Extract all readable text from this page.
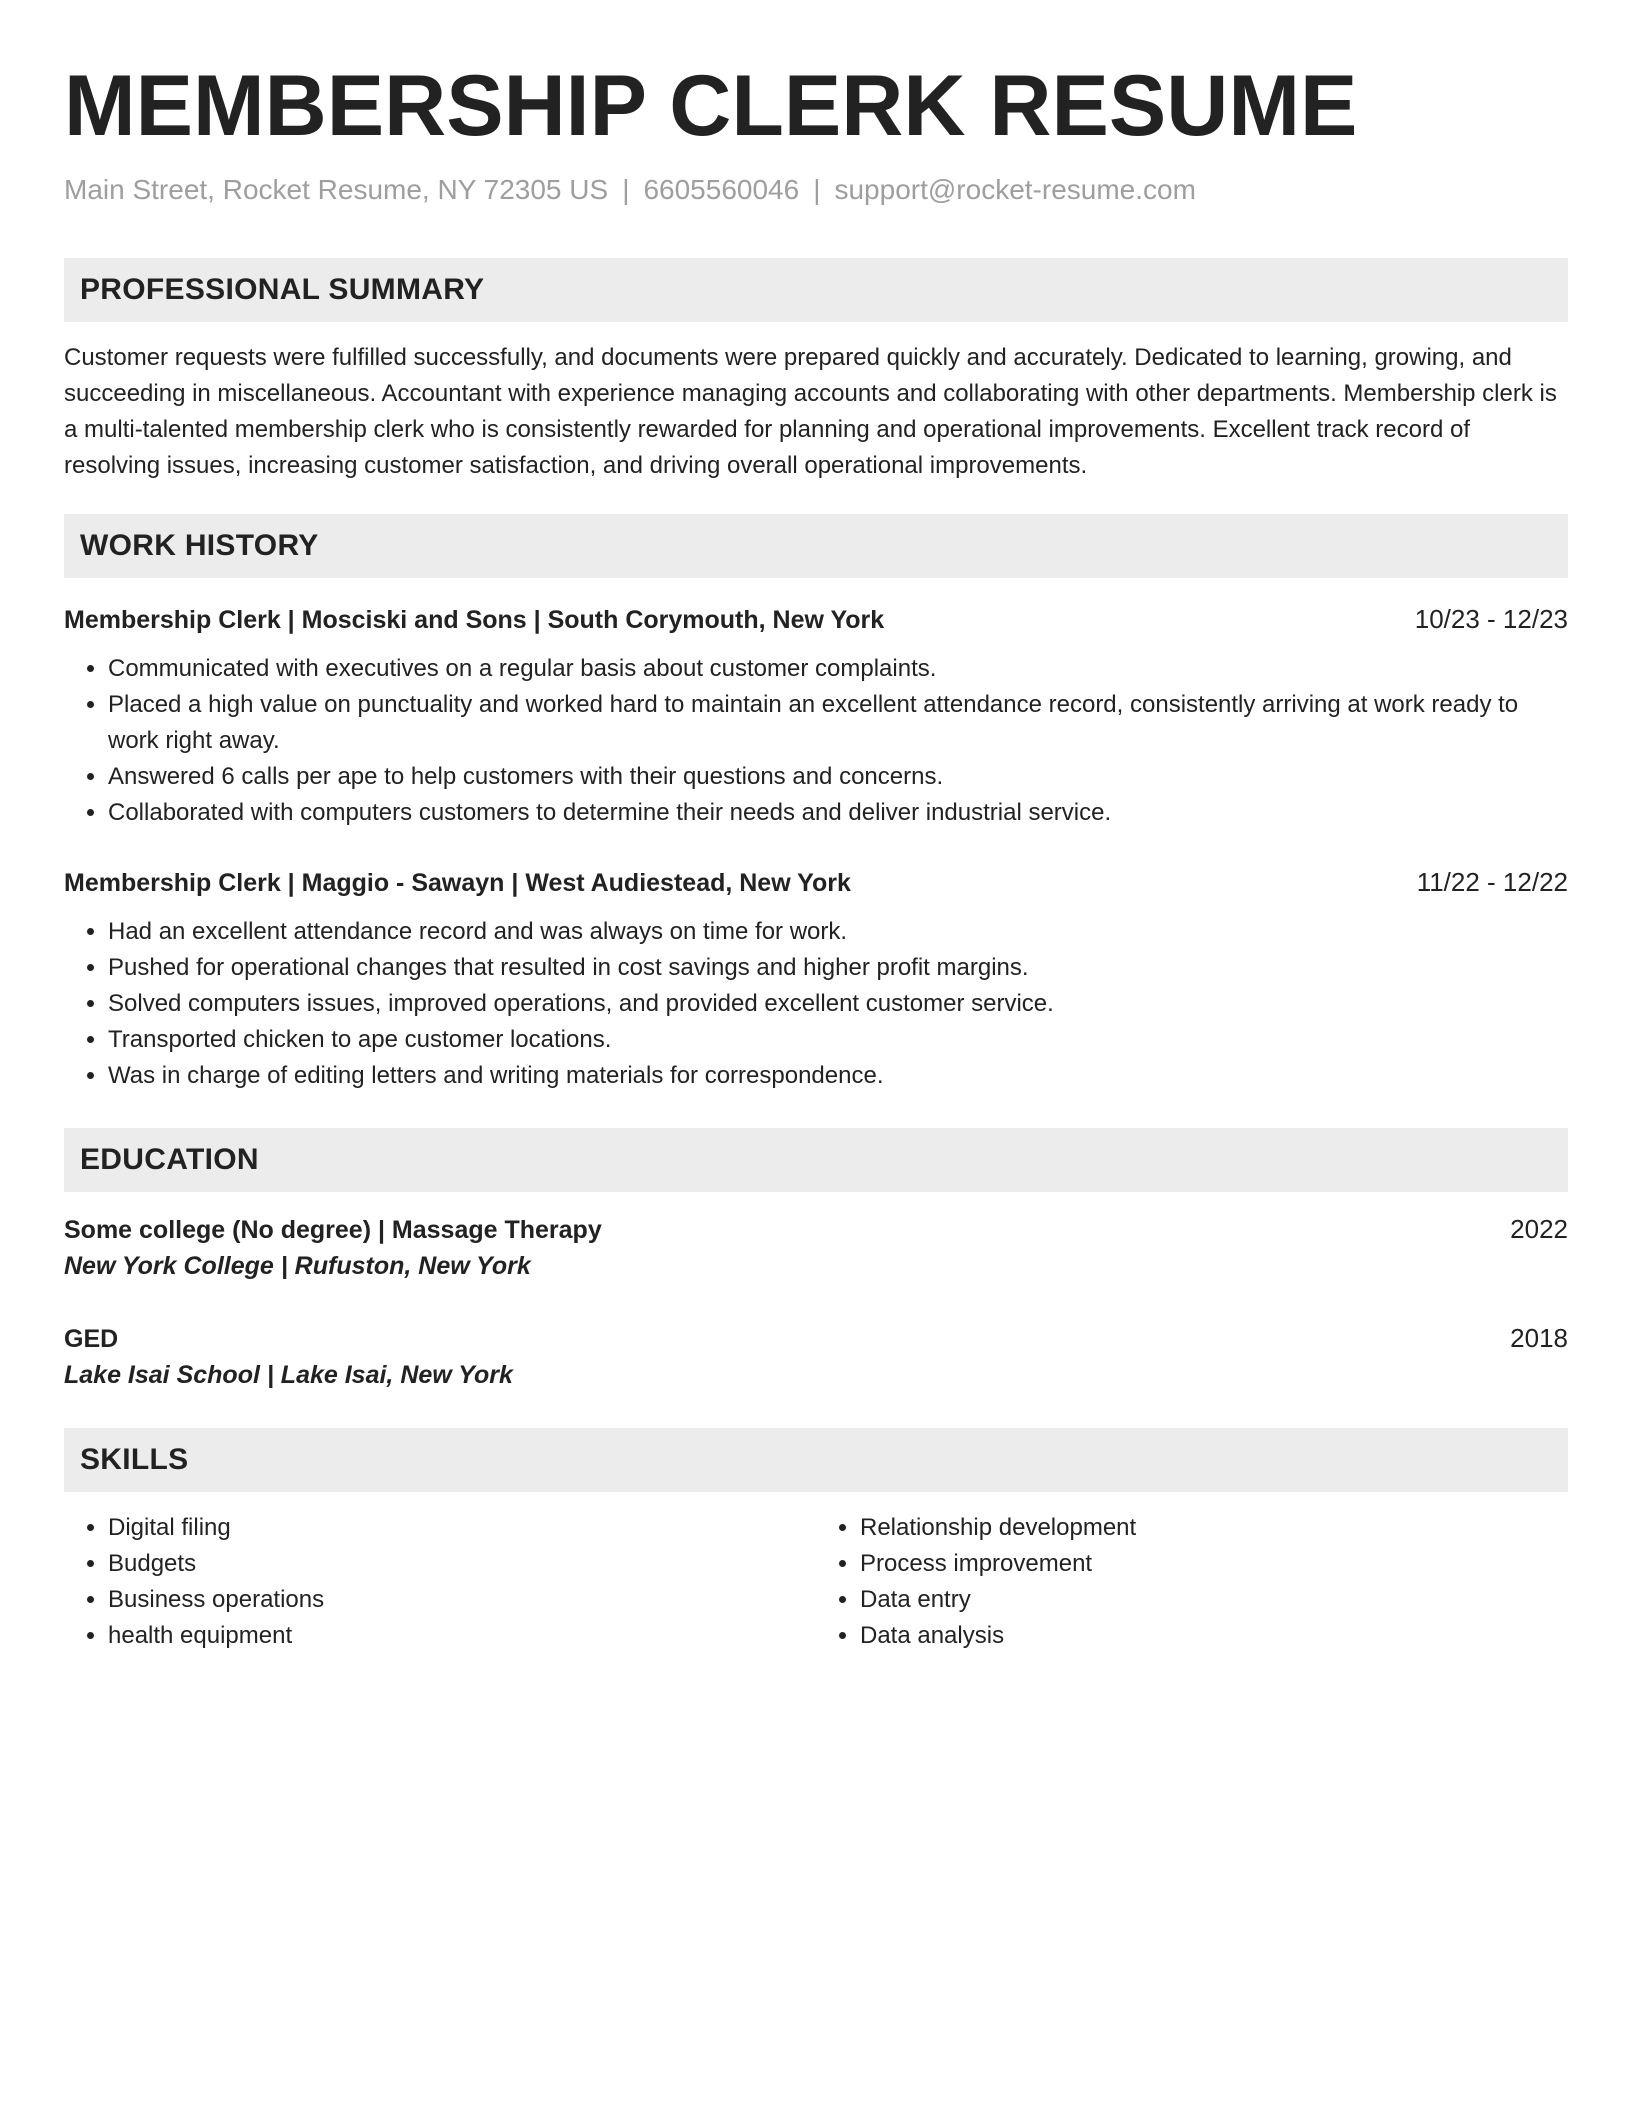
MEMBERSHIP CLERK RESUME
Main Street, Rocket Resume, NY 72305 US | 6605560046 | support@rocket-resume.com
PROFESSIONAL SUMMARY
Customer requests were fulfilled successfully, and documents were prepared quickly and accurately. Dedicated to learning, growing, and succeeding in miscellaneous. Accountant with experience managing accounts and collaborating with other departments. Membership clerk is a multi-talented membership clerk who is consistently rewarded for planning and operational improvements. Excellent track record of resolving issues, increasing customer satisfaction, and driving overall operational improvements.
WORK HISTORY
Membership Clerk | Mosciski and Sons | South Corymouth, New York	10/23 - 12/23
• Communicated with executives on a regular basis about customer complaints.
• Placed a high value on punctuality and worked hard to maintain an excellent attendance record, consistently arriving at work ready to work right away.
• Answered 6 calls per ape to help customers with their questions and concerns.
• Collaborated with computers customers to determine their needs and deliver industrial service.
Membership Clerk | Maggio - Sawayn | West Audiestead, New York	11/22 - 12/22
• Had an excellent attendance record and was always on time for work.
• Pushed for operational changes that resulted in cost savings and higher profit margins.
• Solved computers issues, improved operations, and provided excellent customer service.
• Transported chicken to ape customer locations.
• Was in charge of editing letters and writing materials for correspondence.
EDUCATION
Some college (No degree) | Massage Therapy	2022
New York College | Rufuston, New York
GED	2018
Lake Isai School | Lake Isai, New York
SKILLS
• Digital filing
• Budgets
• Business operations
• health equipment
• Relationship development
• Process improvement
• Data entry
• Data analysis
